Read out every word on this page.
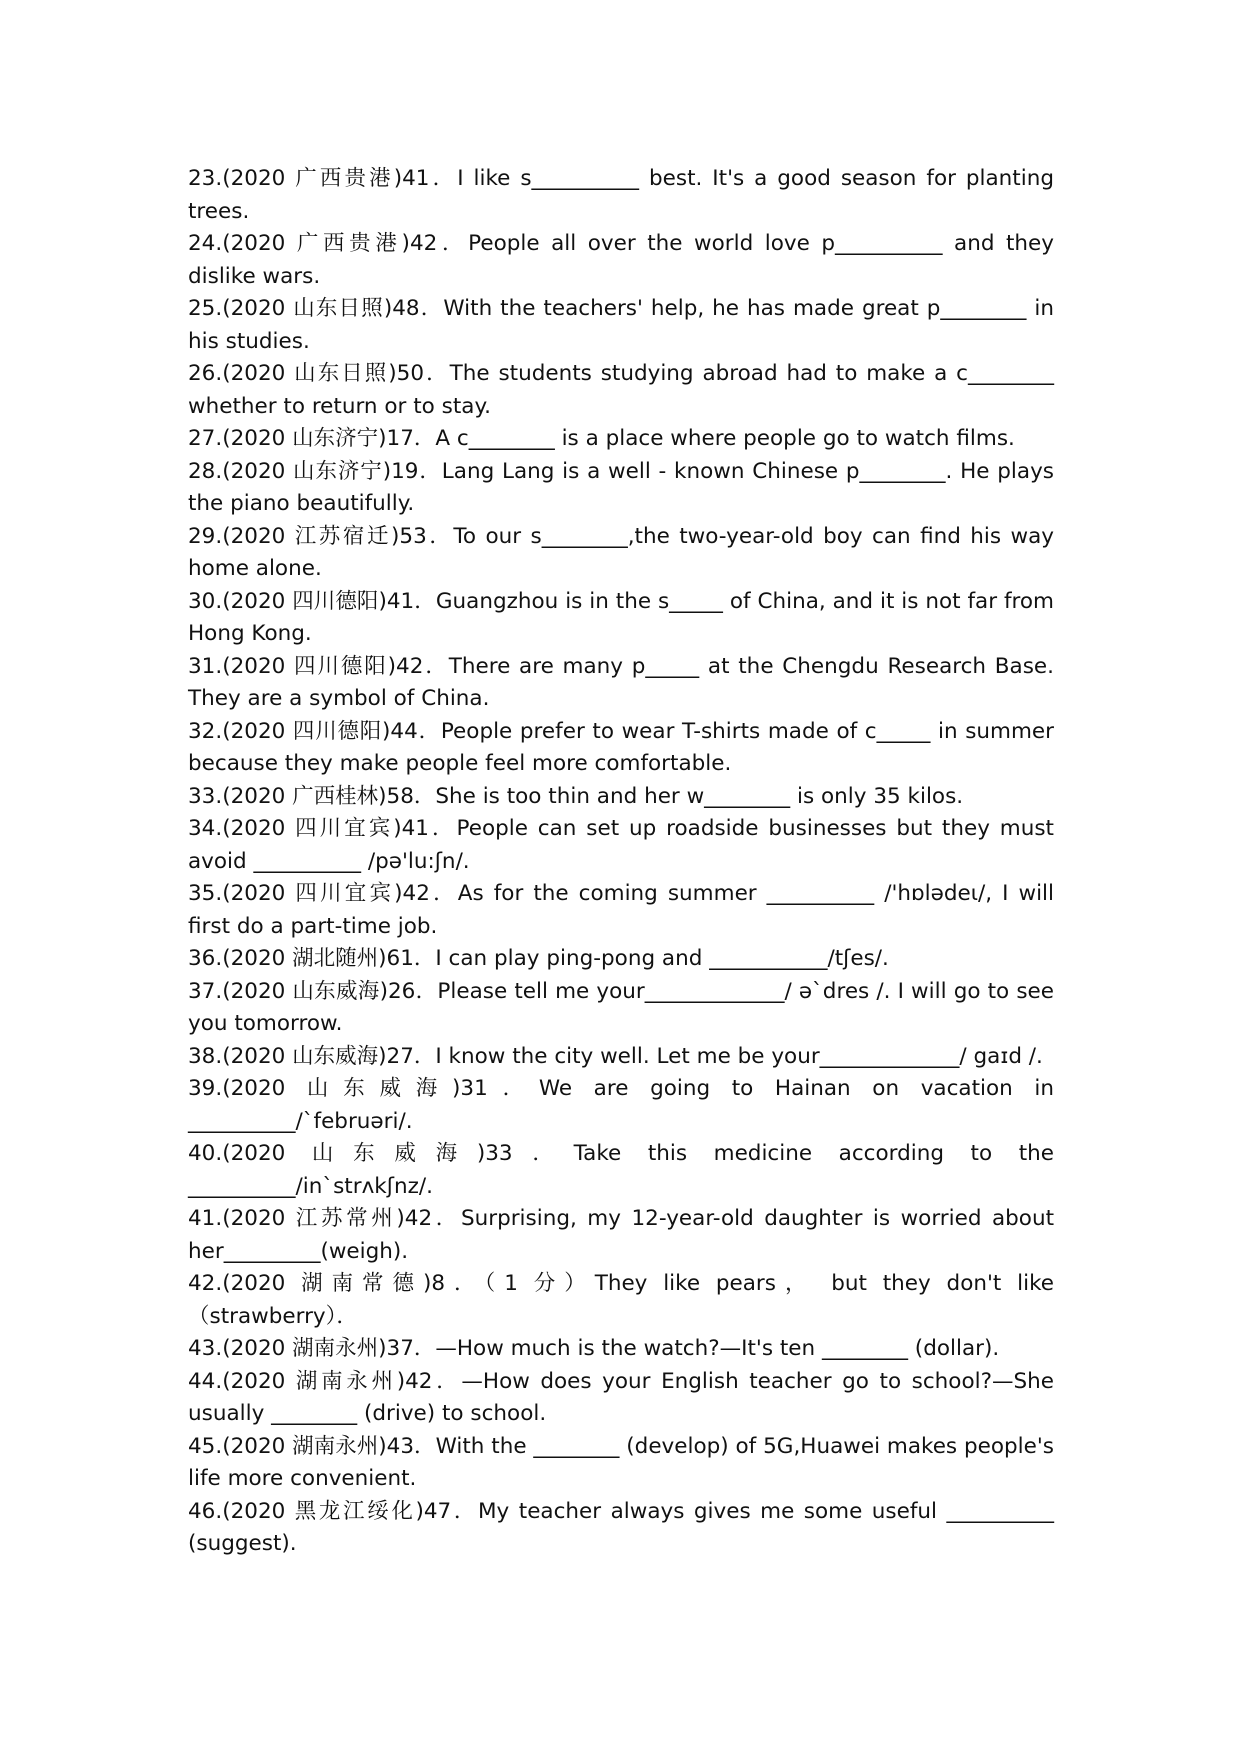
23.(2020 广西贵港)41．I like s__________ best. It's a good season for planting trees.

24.(2020 广西贵港)42．People all over the world love p__________ and they dislike wars.

25.(2020 山东日照)48．With the teachers' help, he has made great p________ in his studies.

26.(2020 山东日照)50．The students studying abroad had to make a c________ whether to return or to stay.

27.(2020 山东济宁)17．A c________ is a place where people go to watch films.

28.(2020 山东济宁)19．Lang Lang is a well - known Chinese p________. He plays the piano beautifully.

29.(2020 江苏宿迁)53．To our s________,the two-year-old boy can find his way home alone.

30.(2020 四川德阳)41．Guangzhou is in the s_____ of China, and it is not far from Hong Kong.

31.(2020 四川德阳)42．There are many p_____ at the Chengdu Research Base. They are a symbol of China.

32.(2020 四川德阳)44．People prefer to wear T-shirts made of c_____ in summer because they make people feel more comfortable.

33.(2020 广西桂林)58．She is too thin and her w________ is only 35 kilos.

34.(2020 四川宜宾)41．People can set up roadside businesses but they must avoid __________ /pə'lu:ʃn/.

35.(2020 四川宜宾)42．As for the coming summer __________ /'hɒlədeɩ/, I will first do a part-time job.

36.(2020 湖北随州)61．I can play ping-pong and ___________/tʃes/.

37.(2020 山东威海)26．Please tell me your_____________/ ə`dres /. I will go to see you tomorrow.

38.(2020 山东威海)27．I know the city well. Let me be your_____________/ gaɪd /.

39.(2020 山东威海)31．We are going to Hainan on vacation in __________/`februəri/.

40.(2020 山东威海)33．Take this medicine according to the __________/in`strʌkʃnz/.

41.(2020 江苏常州)42．Surprising, my 12-year-old daughter is worried about her_________(weigh).

42.(2020 湖南常德)8．（1 分）They like pears， but they don't like （strawberry）．

43.(2020 湖南永州)37．—How much is the watch?—It's ten ________ (dollar).

44.(2020 湖南永州)42．—How does your English teacher go to school?—She usually ________ (drive) to school.

45.(2020 湖南永州)43．With the ________ (develop) of 5G,Huawei makes people's life more convenient.

46.(2020 黑龙江绥化)47．My teacher always gives me some useful __________ (suggest).
